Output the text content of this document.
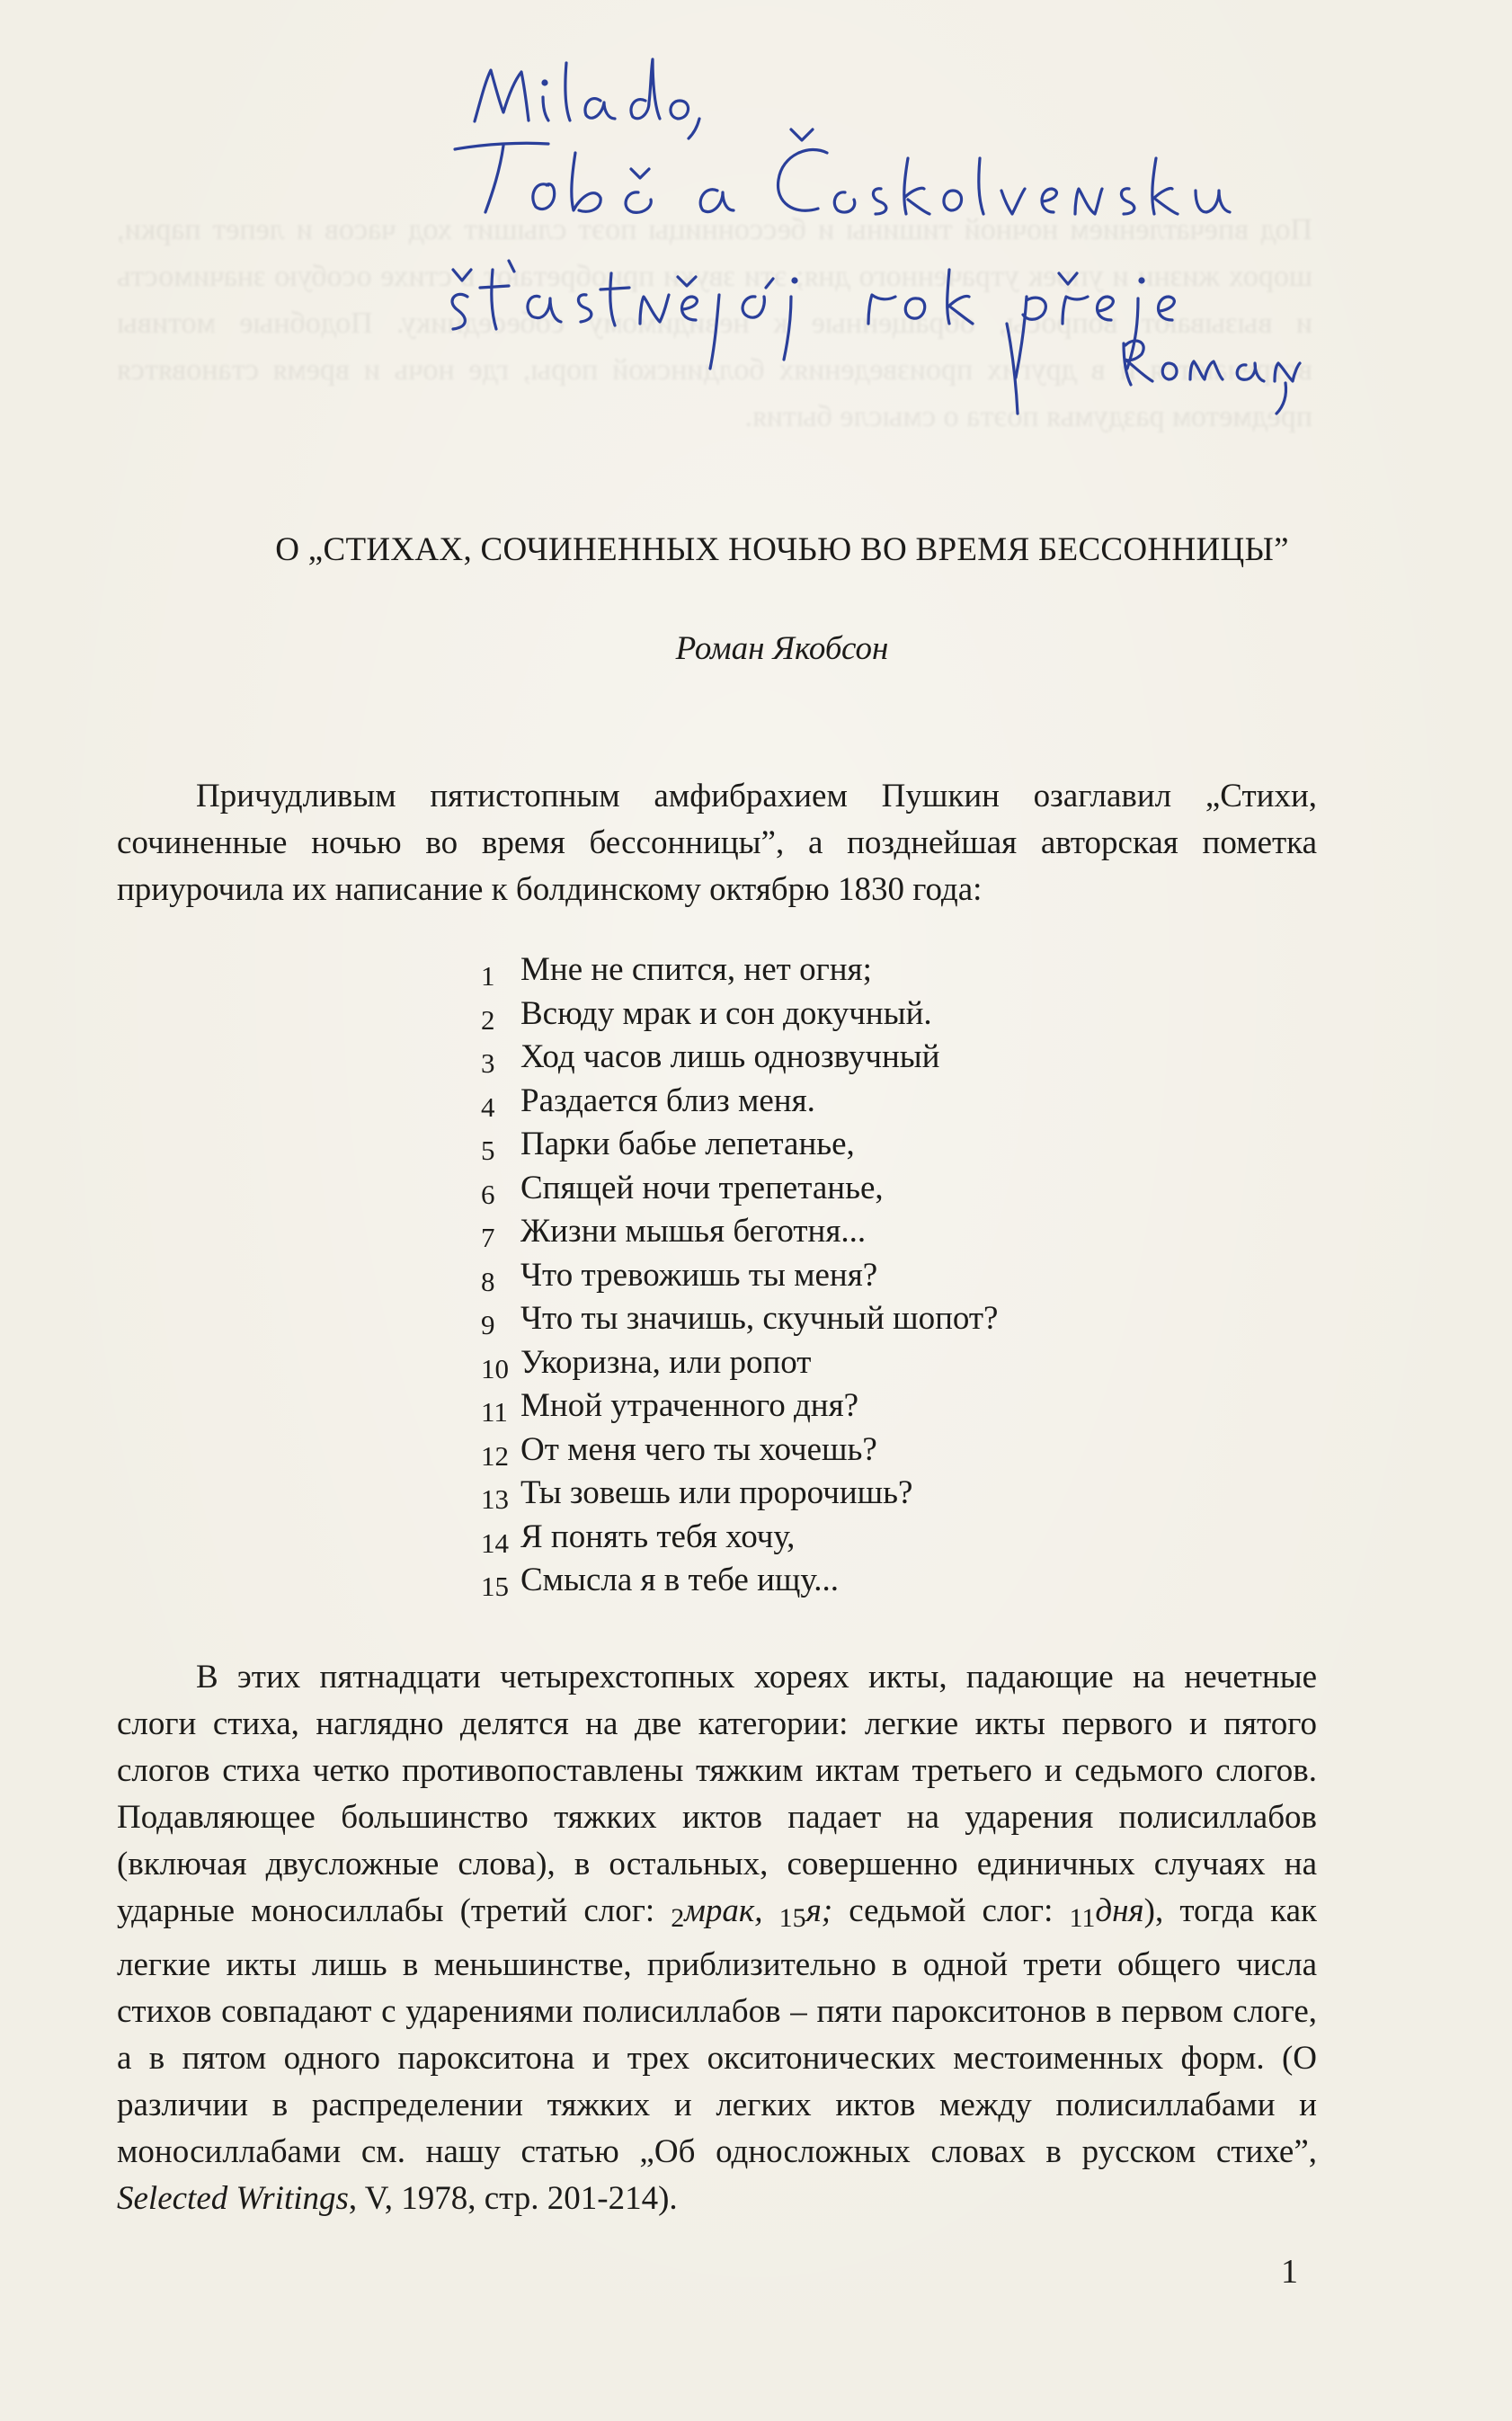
Под впечатлением ночной тишины и бессонницы поэт слышит ход часов и лепет парки, шорох жизни и упрек утраченного дня; эти звуки приобретают в стихе особую значимость и вызывают вопросы, обращенные к невидимому собеседнику. Подобные мотивы встречаются и в других произведениях болдинской поры, где ночь и время становятся предметом раздумья поэта о смысле бытия.
О „СТИХАХ, СОЧИНЕННЫХ НОЧЬЮ ВО ВРЕМЯ БЕССОННИЦЫ”
Роман Якобсон
Причудливым пятистопным амфибрахием Пушкин озаглавил „Стихи, сочиненные ночью во время бессонницы”, а позднейшая авторская пометка приурочила их написание к болдинскому октябрю 1830 года:
1 Мне не спится, нет огня;
2 Всюду мрак и сон докучный.
3 Ход часов лишь однозвучный
4 Раздается близ меня.
5 Парки бабье лепетанье,
6 Спящей ночи трепетанье,
7 Жизни мышья беготня...
8 Что тревожишь ты меня?
9 Что ты значишь, скучный шопот?
10 Укоризна, или ропот
11 Мной утраченного дня?
12 От меня чего ты хочешь?
13 Ты зовешь или пророчишь?
14 Я понять тебя хочу,
15 Смысла я в тебе ищу...
В этих пятнадцати четырехстопных хореях икты, падающие на нечетные слоги стиха, наглядно делятся на две категории: легкие икты первого и пятого слогов стиха четко противопоставлены тяжким иктам третьего и седьмого слогов. Подавляющее большинство тяжких иктов падает на ударения полисиллабов (включая двусложные слова), в остальных, совершенно единичных случаях на ударные моносиллабы (третий слог: $_2$мрак, $_{15}$я; седьмой слог: $_{11}$дня), тогда как легкие икты лишь в меньшинстве, приблизительно в одной трети общего числа стихов совпадают с ударениями полисиллабов – пяти парокситонов в первом слоге, а в пятом одного парокситона и трех окситонических местоименных форм. (О различии в распределении тяжких и легких иктов между полисиллабами и моносиллабами см. нашу статью „Об односложных словах в русском стихе”, Selected Writings, V, 1978, стр. 201-214).
1
